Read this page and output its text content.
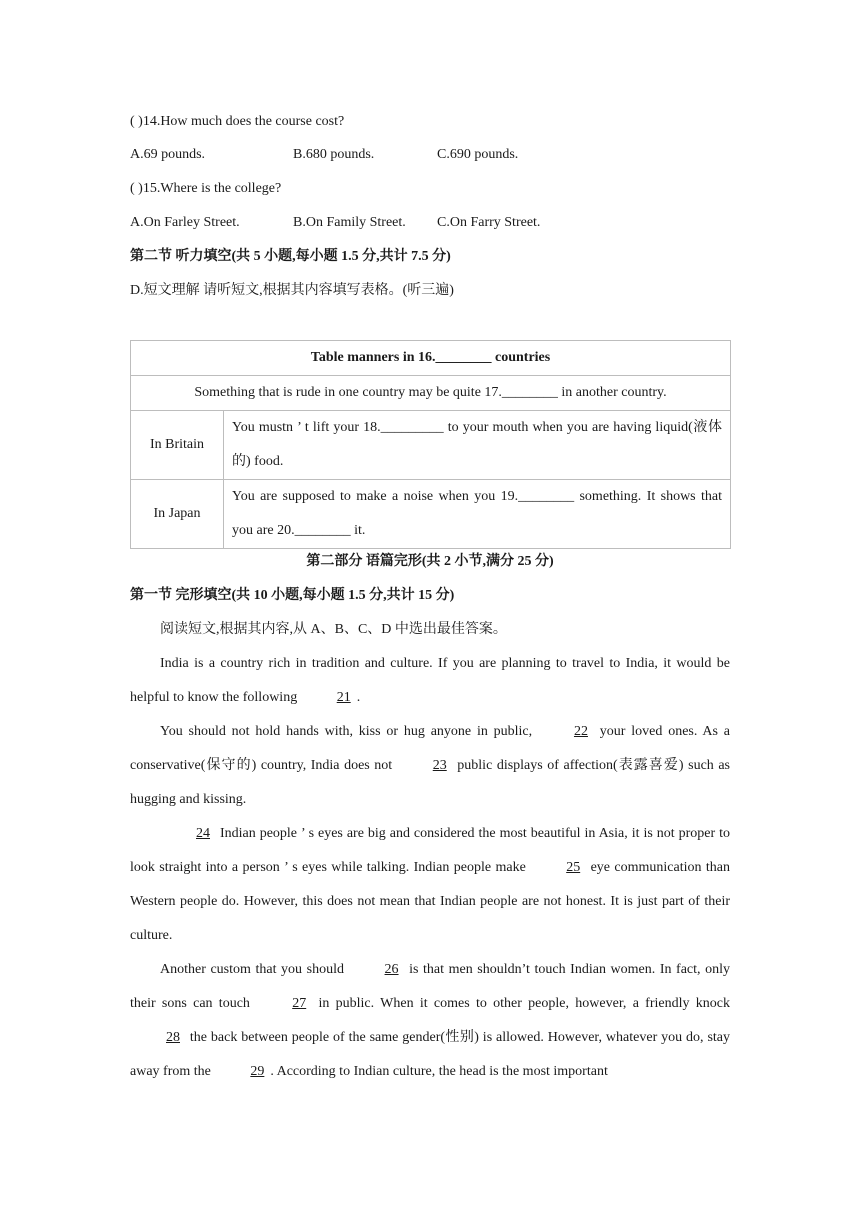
( )14.How much does the course cost?
A.69 pounds.	B.680 pounds.	C.690 pounds.
( )15.Where is the college?
A.On Farley Street.	B.On Family Street. C.On Farry Street.
第二节 听力填空(共 5 小题,每小题 1.5 分,共计 7.5 分)
D.短文理解 请听短文,根据其内容填写表格。(听三遍)
Table manners in 16.________ countries	
Something that is rude in one country may be quite 17.________ in another country.	
In Britain	You mustn ’ t lift your 18._________ to your mouth when you are having liquid(液体的) food.
In Japan	You are supposed to make a noise when you 19.________ something. It shows that you are 20.________ it.
第二部分 语篇完形(共 2 小节,满分 25 分)
第一节 完形填空(共 10 小题,每小题 1.5 分,共计 15 分)
阅读短文,根据其内容,从 A、B、C、D 中选出最佳答案。

India is a country rich in tradition and culture. If you are planning to travel to India, it would be helpful to know the following	21 .

You should not hold hands with, kiss or hug anyone in public,	22 your loved ones. As a conservative(保守的) country, India does not	23 public displays of affection(表露喜爱) such as hugging and kissing.

24 Indian people ’ s eyes are big and considered the most beautiful in Asia, it is not proper to look straight into a person ’ s eyes while talking. Indian people make	25 eye communication than Western people do. However, this does not mean that Indian people are not honest. It is just part of their culture.

Another custom that you should	26 is that men shouldn’t touch Indian women. In fact, only their sons can touch	27 in public. When it comes to other people, however, a friendly knock 28 the back between people of the same gender(性别) is allowed. However, whatever you do, stay away from the	29 . According to Indian culture, the head is the most important
